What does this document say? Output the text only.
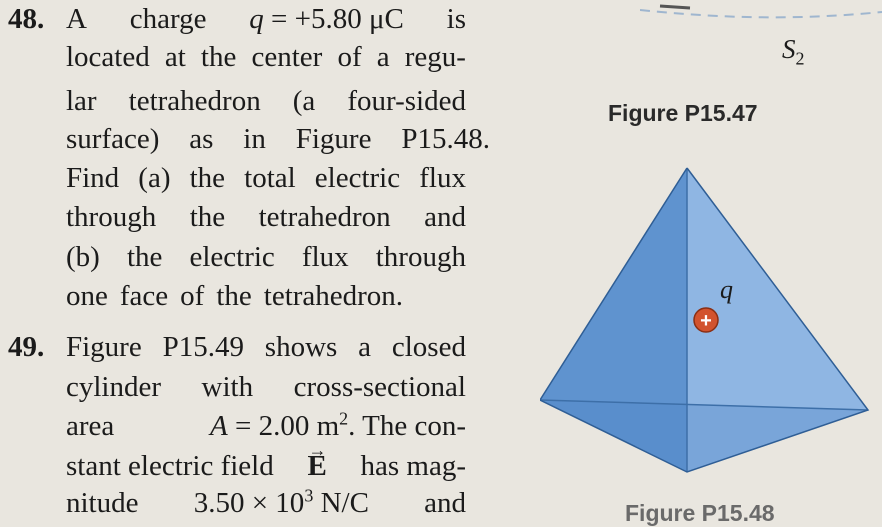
48. A charge q = +5.80 μC is
located at the center of a regu-
lar tetrahedron (a four-sided
surface) as in Figure P15.48.
Find (a) the total electric flux
through the tetrahedron and
(b) the electric flux through
one face of the tetrahedron.
49. Figure P15.49 shows a closed
cylinder with cross-sectional
area	A = 2.00 $m^2$. The con-
stant electric field
→ E has mag-
nitude $3.50 \times 10^3$ N/C and
$S_2$
Figure P15.47
+
q
Figure P15.48
